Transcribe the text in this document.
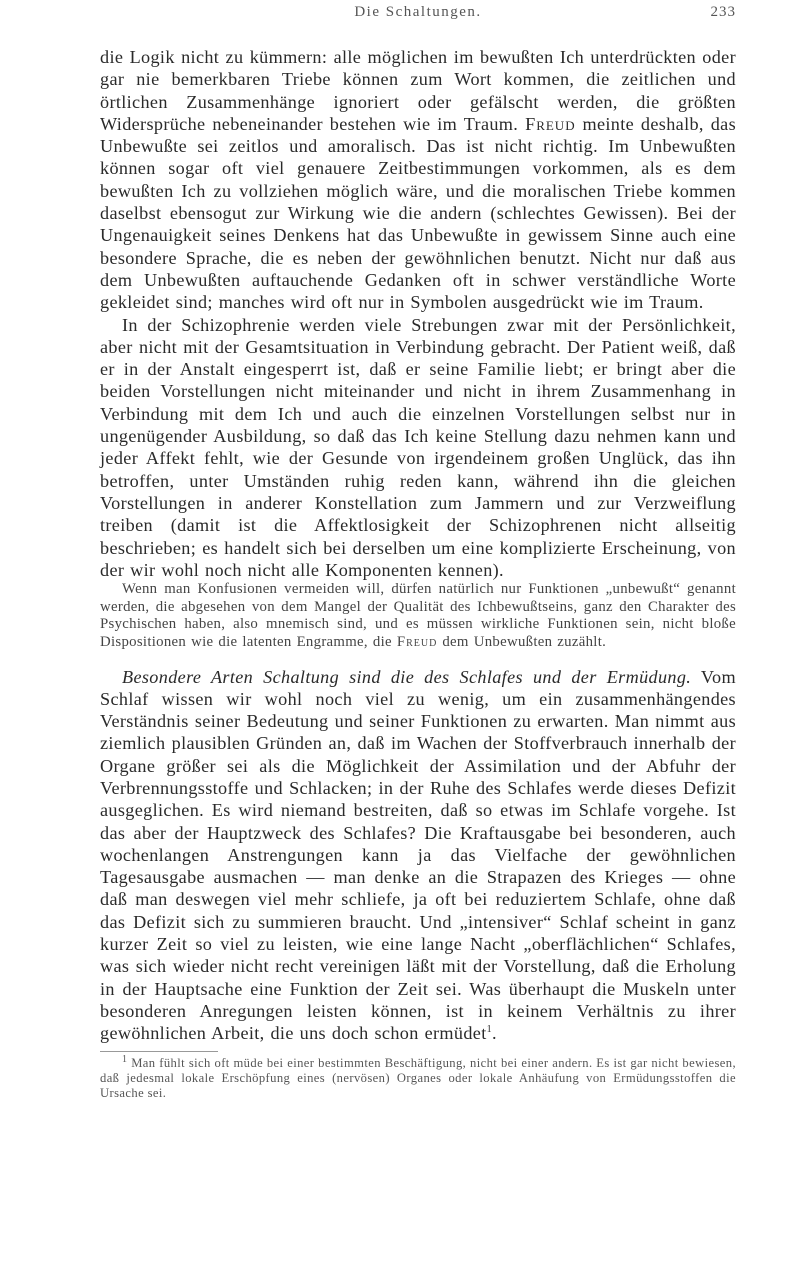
Die Schaltungen.	233

die Logik nicht zu kümmern: alle möglichen im bewußten Ich unterdrückten oder gar nie bemerkbaren Triebe können zum Wort kommen, die zeitlichen und örtlichen Zusammenhänge ignoriert oder gefälscht werden, die größten Widersprüche nebeneinander bestehen wie im Traum. Freud meinte deshalb, das Unbewußte sei zeitlos und amoralisch. Das ist nicht richtig. Im Unbewußten können sogar oft viel genauere Zeitbestimmungen vorkommen, als es dem bewußten Ich zu vollziehen möglich wäre, und die moralischen Triebe kommen daselbst ebensogut zur Wirkung wie die andern (schlechtes Gewissen). Bei der Ungenauigkeit seines Denkens hat das Unbewußte in gewissem Sinne auch eine besondere Sprache, die es neben der gewöhnlichen benutzt. Nicht nur daß aus dem Unbewußten auftauchende Gedanken oft in schwer verständliche Worte gekleidet sind; manches wird oft nur in Symbolen ausgedrückt wie im Traum.

In der Schizophrenie werden viele Strebungen zwar mit der Persönlichkeit, aber nicht mit der Gesamtsituation in Verbindung gebracht. Der Patient weiß, daß er in der Anstalt eingesperrt ist, daß er seine Familie liebt; er bringt aber die beiden Vorstellungen nicht miteinander und nicht in ihrem Zusammenhang in Verbindung mit dem Ich und auch die einzelnen Vorstellungen selbst nur in ungenügender Ausbildung, so daß das Ich keine Stellung dazu nehmen kann und jeder Affekt fehlt, wie der Gesunde von irgendeinem großen Unglück, das ihn betroffen, unter Umständen ruhig reden kann, während ihn die gleichen Vorstellungen in anderer Konstellation zum Jammern und zur Verzweiflung treiben (damit ist die Affektlosigkeit der Schizophrenen nicht allseitig beschrieben; es handelt sich bei derselben um eine komplizierte Erscheinung, von der wir wohl noch nicht alle Komponenten kennen).

Wenn man Konfusionen vermeiden will, dürfen natürlich nur Funktionen „unbewußt“ genannt werden, die abgesehen von dem Mangel der Qualität des Ichbewußtseins, ganz den Charakter des Psychischen haben, also mnemisch sind, und es müssen wirkliche Funktionen sein, nicht bloße Dispositionen wie die latenten Engramme, die Freud dem Unbewußten zuzählt.

Besondere Arten Schaltung sind die des Schlafes und der Ermüdung. Vom Schlaf wissen wir wohl noch viel zu wenig, um ein zusammenhängendes Verständnis seiner Bedeutung und seiner Funktionen zu erwarten. Man nimmt aus ziemlich plausiblen Gründen an, daß im Wachen der Stoffverbrauch innerhalb der Organe größer sei als die Möglichkeit der Assimilation und der Abfuhr der Verbrennungsstoffe und Schlacken; in der Ruhe des Schlafes werde dieses Defizit ausgeglichen. Es wird niemand bestreiten, daß so etwas im Schlafe vorgehe. Ist das aber der Hauptzweck des Schlafes? Die Kraftausgabe bei besonderen, auch wochenlangen Anstrengungen kann ja das Vielfache der gewöhnlichen Tagesausgabe ausmachen — man denke an die Strapazen des Krieges — ohne daß man deswegen viel mehr schliefe, ja oft bei reduziertem Schlafe, ohne daß das Defizit sich zu summieren braucht. Und „intensiver“ Schlaf scheint in ganz kurzer Zeit so viel zu leisten, wie eine lange Nacht „oberflächlichen“ Schlafes, was sich wieder nicht recht vereinigen läßt mit der Vorstellung, daß die Erholung in der Hauptsache eine Funktion der Zeit sei. Was überhaupt die Muskeln unter besonderen Anregungen leisten können, ist in keinem Verhältnis zu ihrer gewöhnlichen Arbeit, die uns doch schon ermüdet$^1$.

$^1$ Man fühlt sich oft müde bei einer bestimmten Beschäftigung, nicht bei einer andern. Es ist gar nicht bewiesen, daß jedesmal lokale Erschöpfung eines (nervösen) Organes oder lokale Anhäufung von Ermüdungsstoffen die Ursache sei.
